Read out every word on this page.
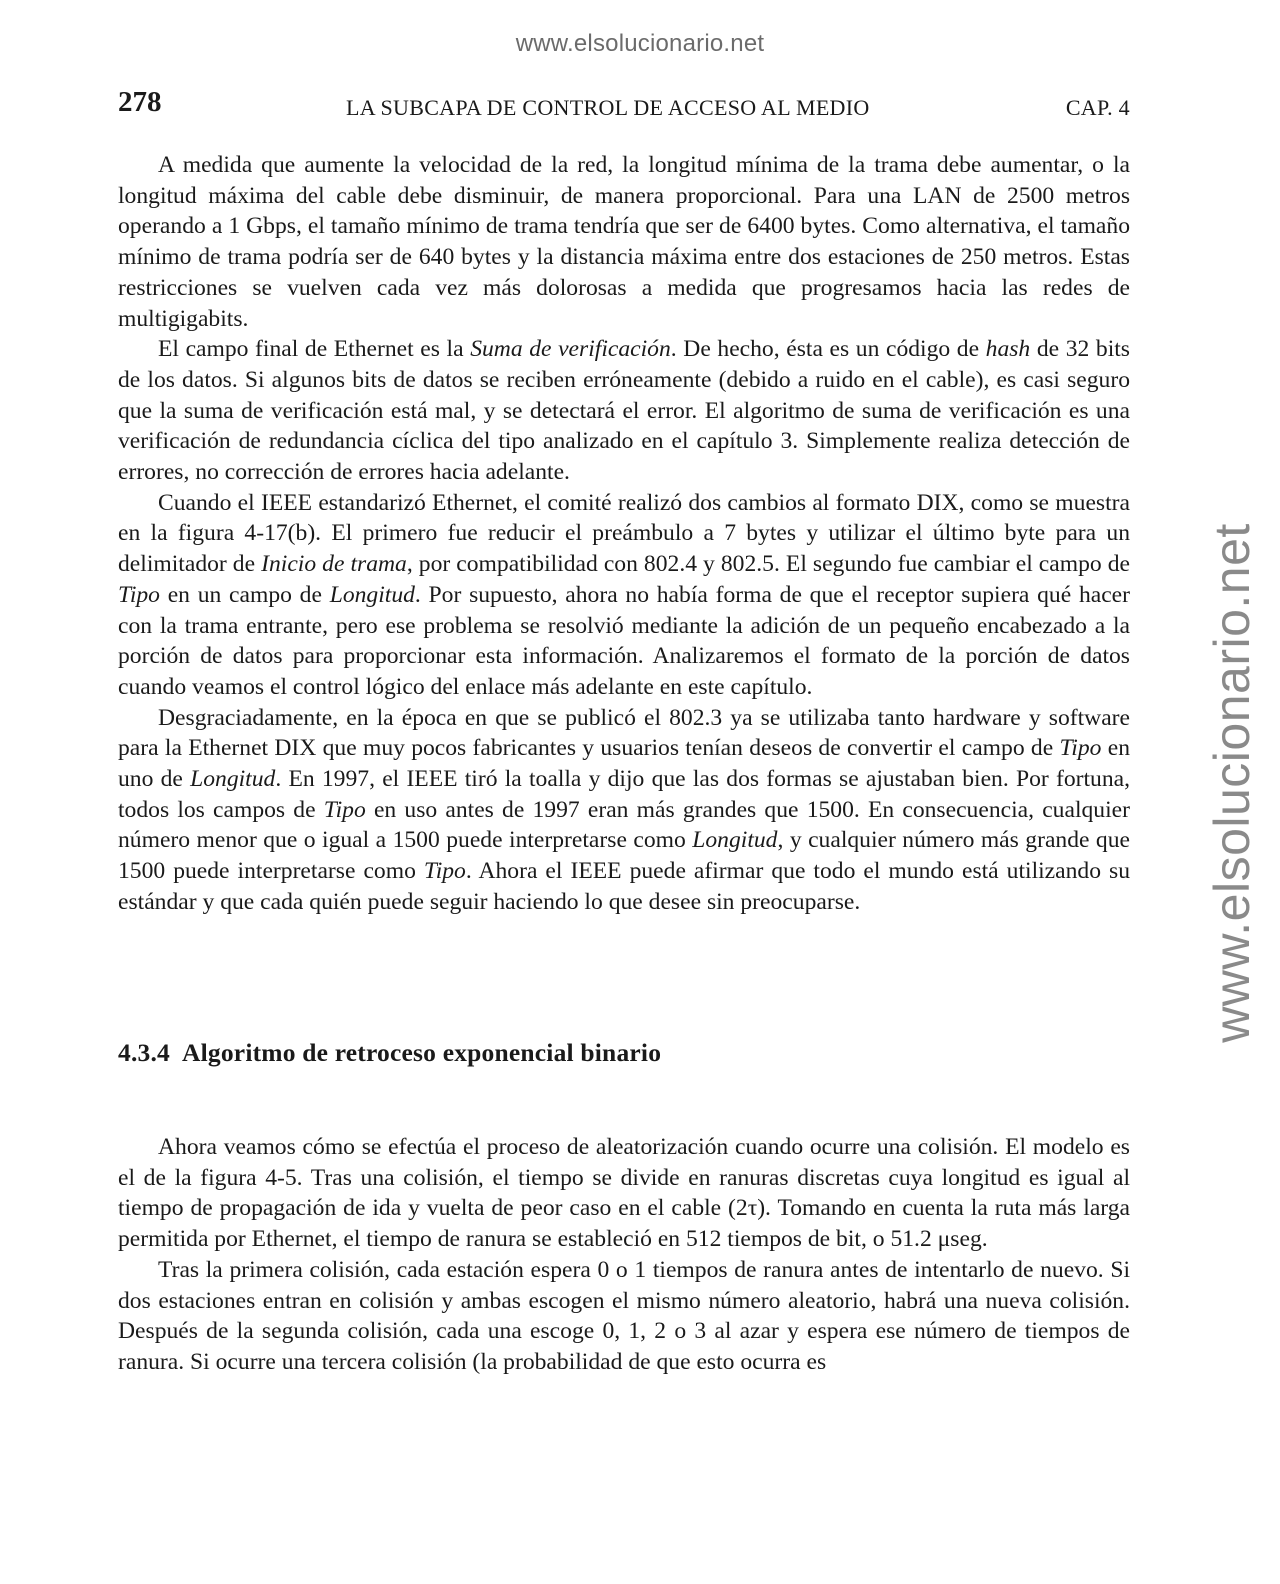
www.elsolucionario.net
www.elsolucionario.net
278	LA SUBCAPA DE CONTROL DE ACCESO AL MEDIO	CAP. 4

A medida que aumente la velocidad de la red, la longitud mínima de la trama debe aumentar, o la longitud máxima del cable debe disminuir, de manera proporcional. Para una LAN de 2500 metros operando a 1 Gbps, el tamaño mínimo de trama tendría que ser de 6400 bytes. Como alternativa, el tamaño mínimo de trama podría ser de 640 bytes y la distancia máxima entre dos estaciones de 250 metros. Estas restricciones se vuelven cada vez más dolorosas a medida que progresamos hacia las redes de multigigabits.

El campo final de Ethernet es la Suma de verificación. De hecho, ésta es un código de hash de 32 bits de los datos. Si algunos bits de datos se reciben erróneamente (debido a ruido en el cable), es casi seguro que la suma de verificación está mal, y se detectará el error. El algoritmo de suma de verificación es una verificación de redundancia cíclica del tipo analizado en el capítulo 3. Simplemente realiza detección de errores, no corrección de errores hacia adelante.

Cuando el IEEE estandarizó Ethernet, el comité realizó dos cambios al formato DIX, como se muestra en la figura 4-17(b). El primero fue reducir el preámbulo a 7 bytes y utilizar el último byte para un delimitador de Inicio de trama, por compatibilidad con 802.4 y 802.5. El segundo fue cambiar el campo de Tipo en un campo de Longitud. Por supuesto, ahora no había forma de que el receptor supiera qué hacer con la trama entrante, pero ese problema se resolvió mediante la adición de un pequeño encabezado a la porción de datos para proporcionar esta información. Analizaremos el formato de la porción de datos cuando veamos el control lógico del enlace más adelante en este capítulo.

Desgraciadamente, en la época en que se publicó el 802.3 ya se utilizaba tanto hardware y software para la Ethernet DIX que muy pocos fabricantes y usuarios tenían deseos de convertir el campo de Tipo en uno de Longitud. En 1997, el IEEE tiró la toalla y dijo que las dos formas se ajustaban bien. Por fortuna, todos los campos de Tipo en uso antes de 1997 eran más grandes que 1500. En consecuencia, cualquier número menor que o igual a 1500 puede interpretarse como Longitud, y cualquier número más grande que 1500 puede interpretarse como Tipo. Ahora el IEEE puede afirmar que todo el mundo está utilizando su estándar y que cada quién puede seguir haciendo lo que desee sin preocuparse.

4.3.4 Algoritmo de retroceso exponencial binario

Ahora veamos cómo se efectúa el proceso de aleatorización cuando ocurre una colisión. El modelo es el de la figura 4-5. Tras una colisión, el tiempo se divide en ranuras discretas cuya longitud es igual al tiempo de propagación de ida y vuelta de peor caso en el cable (2τ). Tomando en cuenta la ruta más larga permitida por Ethernet, el tiempo de ranura se estableció en 512 tiempos de bit, o 51.2 μseg.

Tras la primera colisión, cada estación espera 0 o 1 tiempos de ranura antes de intentarlo de nuevo. Si dos estaciones entran en colisión y ambas escogen el mismo número aleatorio, habrá una nueva colisión. Después de la segunda colisión, cada una escoge 0, 1, 2 o 3 al azar y espera ese número de tiempos de ranura. Si ocurre una tercera colisión (la probabilidad de que esto ocurra es
